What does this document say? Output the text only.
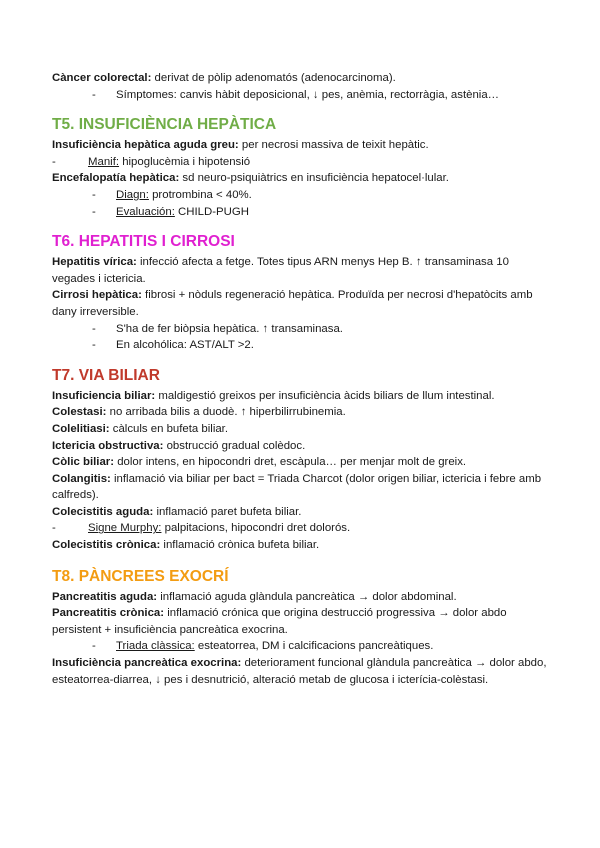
Càncer colorectal: derivat de pòlip adenomatós (adenocarcinoma).

- Símptomes: canvis hàbit deposicional, ↓ pes, anèmia, rectorràgia, astènia…
T5. INSUFICIÈNCIA HEPÀTICA

Insuficiència hepàtica aguda greu: per necrosi massiva de teixit hepàtic.

-	Manif: hipoglucèmia i hipotensió

Encefalopatía hepàtica: sd neuro-psiquiàtrics en insuficiència hepatocel·lular.

- Diagn: protrombina < 40%.
- Evaluación: CHILD-PUGH
T6. HEPATITIS I CIRROSI

Hepatitis vírica: infecció afecta a fetge. Totes tipus ARN menys Hep B. ↑ transaminasa 10 vegades i ictericia.

Cirrosi hepàtica: fibrosi + nòduls regeneració hepàtica. Produïda per necrosi d'hepatòcits amb dany irreversible.

- S'ha de fer biòpsia hepàtica. ↑ transaminasa.
- En alcohólica: AST/ALT >2.
T7. VIA BILIAR

Insuficiencia biliar: maldigestió greixos per insuficiència àcids biliars de llum intestinal.

Colestasi: no arribada bilis a duodè. ↑ hiperbilirrubinemia.

Colelitiasi: càlculs en bufeta biliar.

Ictericia obstructiva: obstrucció gradual colèdoc.

Còlic biliar: dolor intens, en hipocondri dret, escàpula… per menjar molt de greix.

Colangitis: inflamació via biliar per bact = Triada Charcot (dolor origen biliar, ictericia i febre amb calfreds).

Colecistitis aguda: inflamació paret bufeta biliar.

-	Signe Murphy: palpitacions, hipocondri dret dolorós.

Colecistitis crònica: inflamació crònica bufeta biliar.

T8. PÀNCREES EXOCRÍ

Pancreatitis aguda: inflamació aguda glàndula pancreàtica → dolor abdominal.

Pancreatitis crònica: inflamació crónica que origina destrucció progressiva → dolor abdo persistent + insuficiència pancreàtica exocrina.

- Triada clàssica: esteatorrea, DM i calcificacions pancreàtiques.

Insuficiència pancreàtica exocrina: deteriorament funcional glàndula pancreàtica → dolor abdo, esteatorrea-diarrea, ↓ pes i desnutrició, alteració metab de glucosa i icterícia-colèstasi.
